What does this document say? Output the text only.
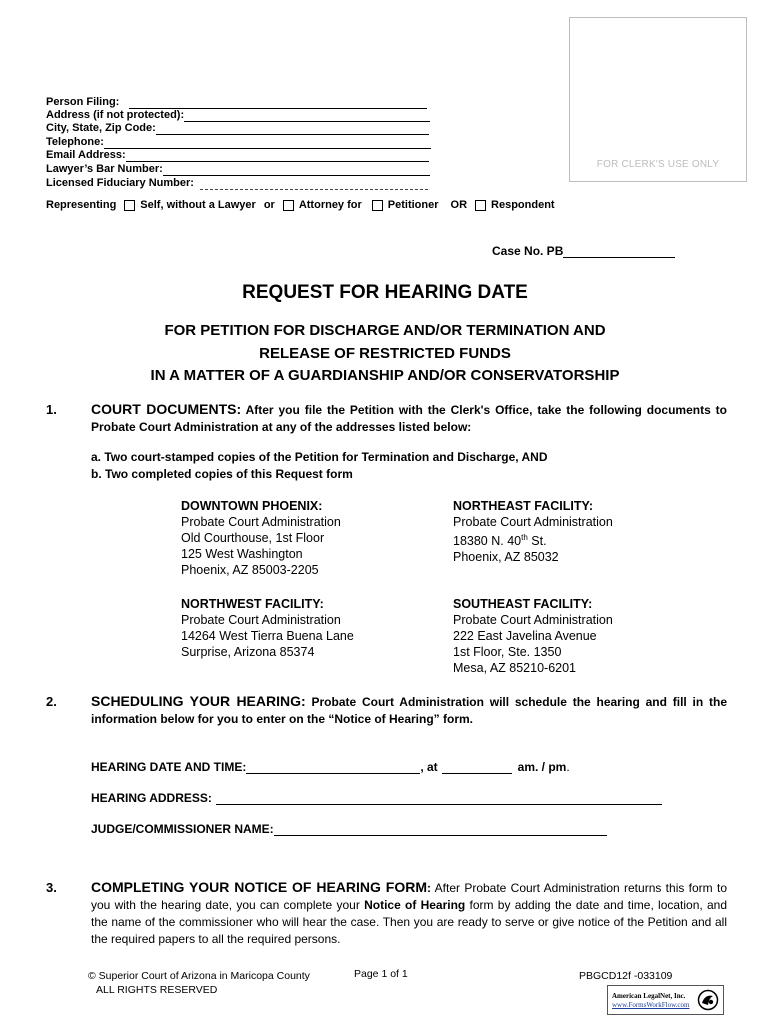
FOR CLERK'S USE ONLY
Person Filing:
Address (if not protected):
City, State, Zip Code:
Telephone:
Email Address:
Lawyer’s Bar Number:
Licensed Fiduciary Number:
Representing Self, without a Lawyer or Attorney for Petitioner OR Respondent
Case No. PB
REQUEST FOR HEARING DATE
FOR PETITION FOR DISCHARGE AND/OR TERMINATION AND
RELEASE OF RESTRICTED FUNDS
IN A MATTER OF A GUARDIANSHIP AND/OR CONSERVATORSHIP
1. COURT DOCUMENTS: After you file the Petition with the Clerk's Office, take the following documents to Probate Court Administration at any of the addresses listed below:
a. Two court-stamped copies of the Petition for Termination and Discharge, AND
b. Two completed copies of this Request form
DOWNTOWN PHOENIX:
Probate Court Administration
Old Courthouse, 1st Floor
125 West Washington
Phoenix, AZ 85003-2205
NORTHEAST FACILITY:
Probate Court Administration
18380 N. 40th St.
Phoenix, AZ 85032
NORTHWEST FACILITY:
Probate Court Administration
14264 West Tierra Buena Lane
Surprise, Arizona 85374
SOUTHEAST FACILITY:
Probate Court Administration
222 East Javelina Avenue
1st Floor, Ste. 1350
Mesa, AZ 85210-6201
2. SCHEDULING YOUR HEARING: Probate Court Administration will schedule the hearing and fill in the information below for you to enter on the “Notice of Hearing” form.
HEARING DATE AND TIME:	, at	am. / pm .
HEARING ADDRESS:
JUDGE/COMMISSIONER NAME:
3. COMPLETING YOUR NOTICE OF HEARING FORM: After Probate Court Administration returns this form to you with the hearing date, you can complete your Notice of Hearing form by adding the date and time, location, and the name of the commissioner who will hear the case. Then you are ready to serve or give notice of the Petition and all the required papers to all the required persons.
© Superior Court of Arizona in Maricopa County
ALL RIGHTS RESERVED
Page 1 of 1	PBGCD12f -033109
American LegalNet, Inc.
www.FormsWorkFlow.com
